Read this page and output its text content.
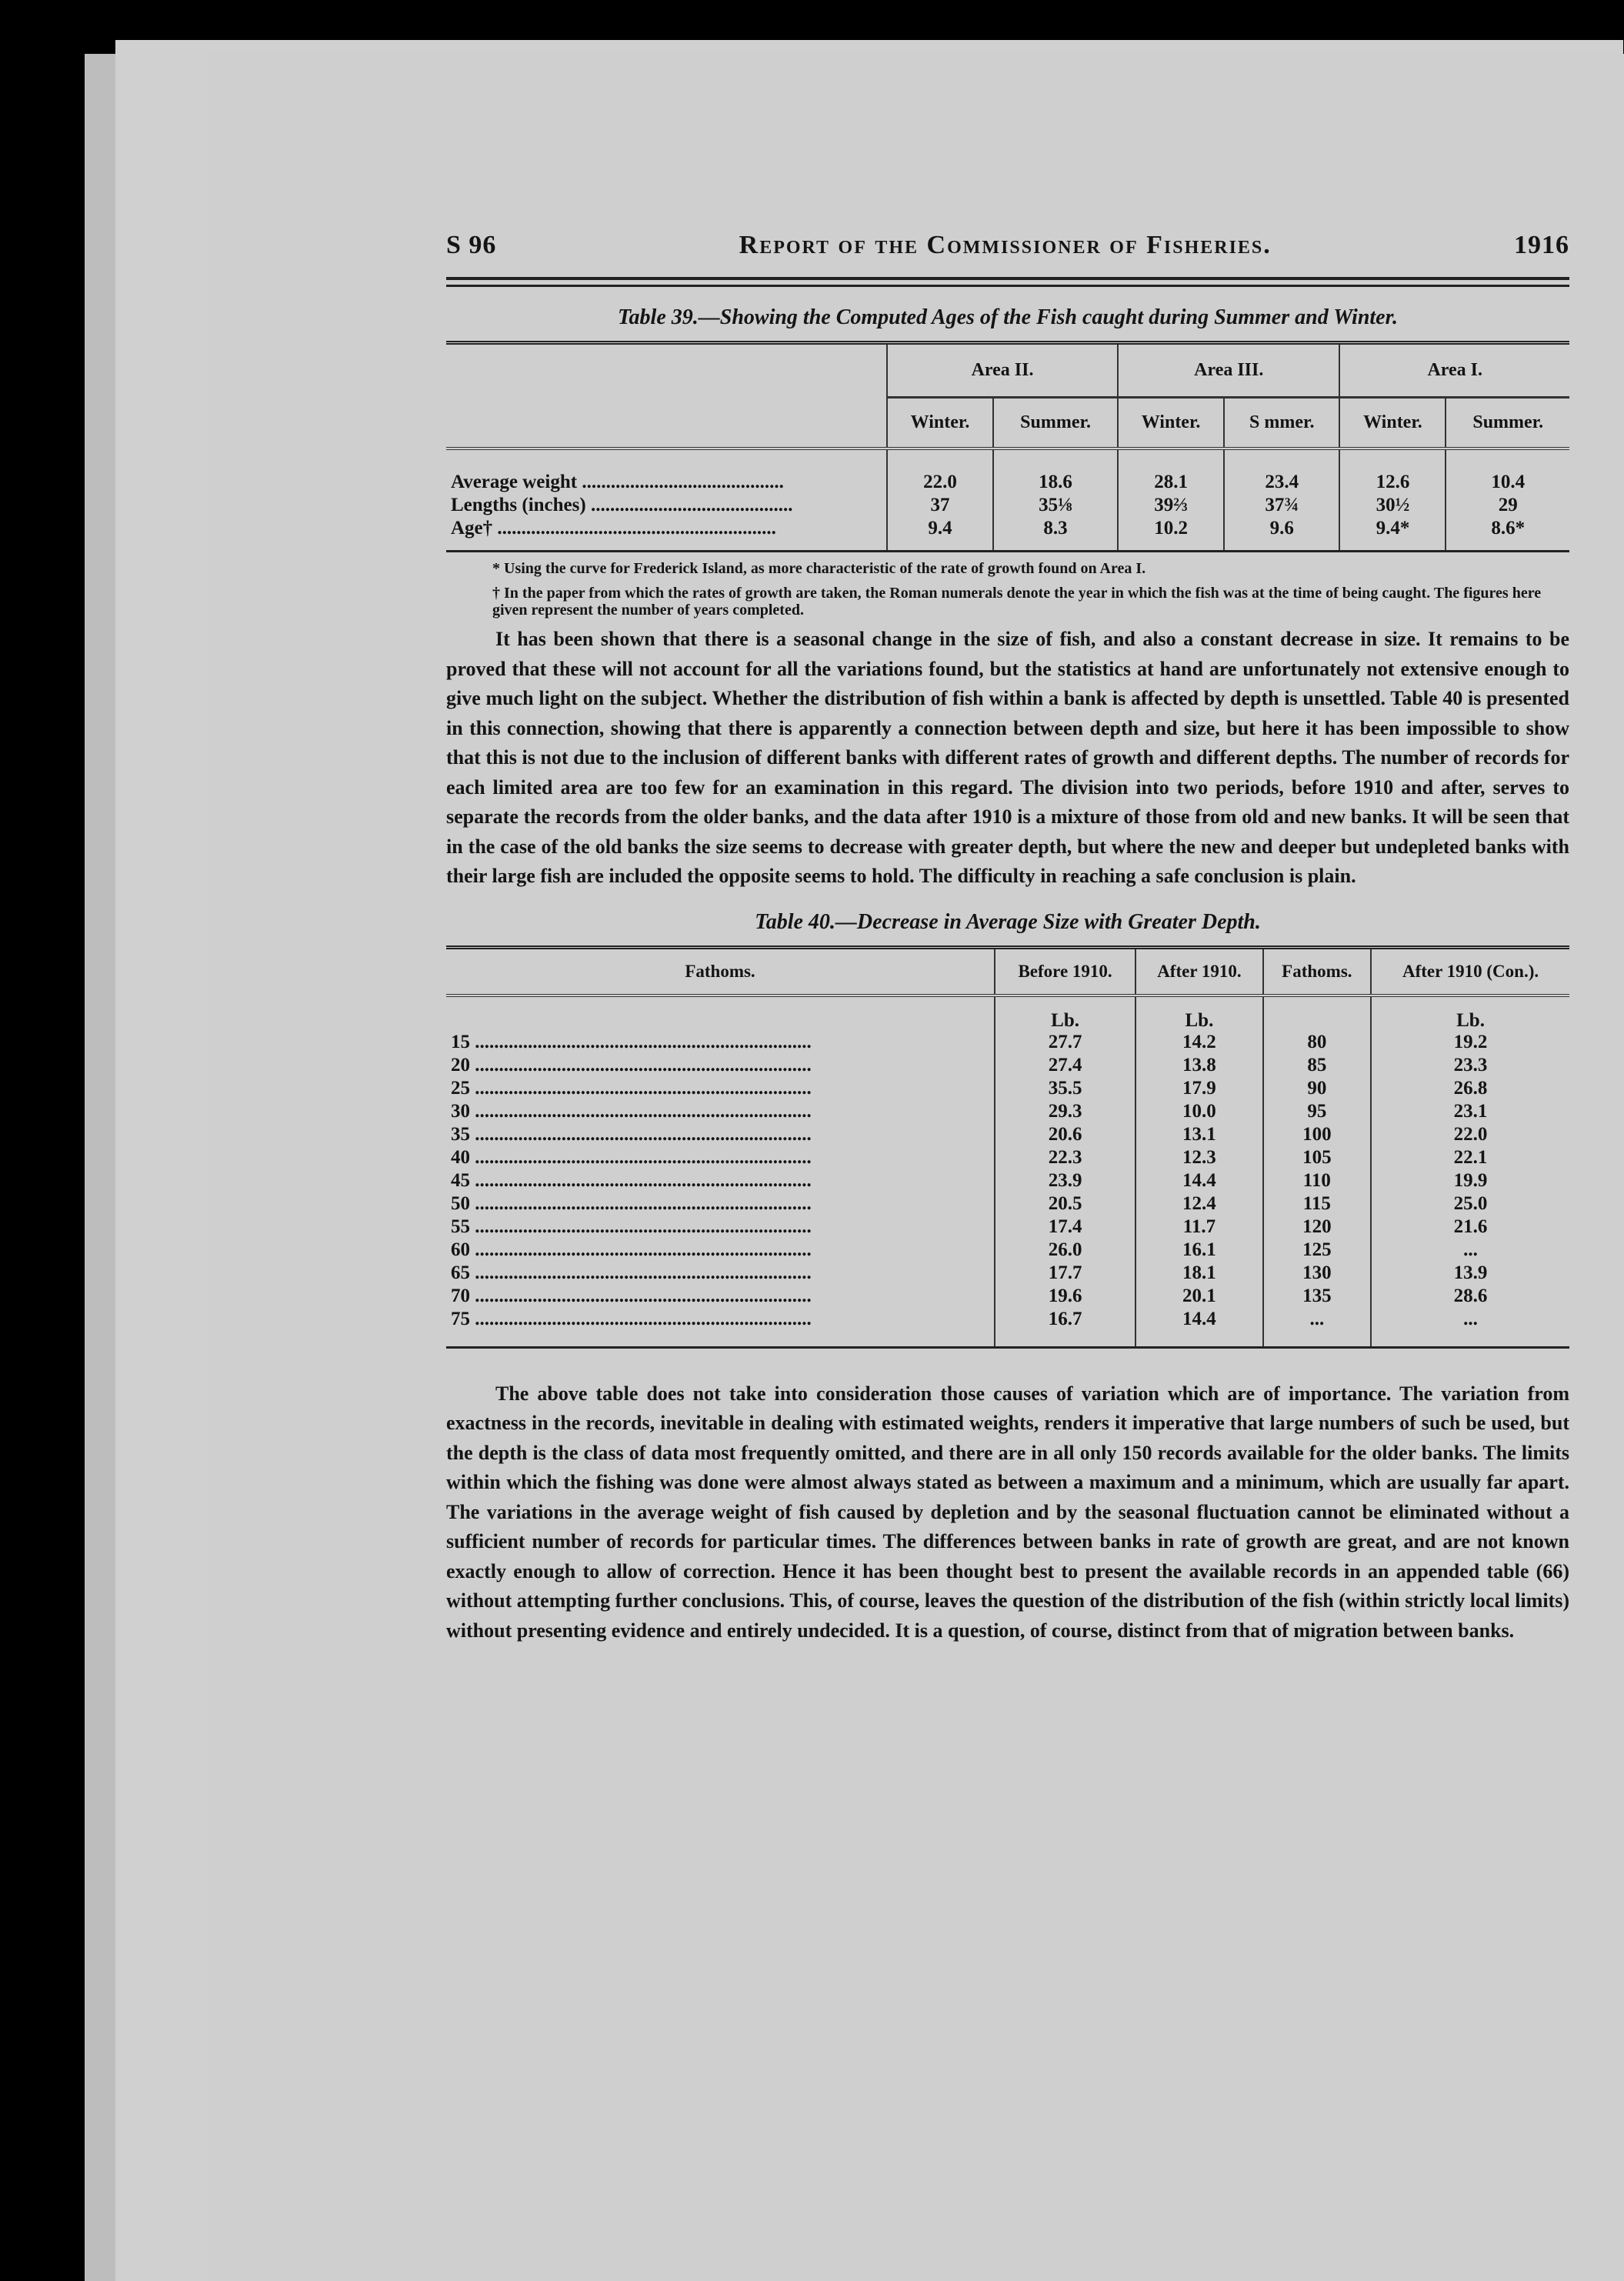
S 96	Report of the Commissioner of Fisheries.	1916
Table 39.—Showing the Computed Ages of the Fish caught during Summer and Winter.
	Area II.		Area III.		Area I.	
	Winter.	Summer.	Winter.	S mmer.	Winter.	Summer.
Average weight ..........................................	22.0	18.6	28.1	23.4	12.6	10.4
Lengths (inches) ..........................................	37	35⅛	39⅔	37¾	30½	29
Age† ..........................................................	9.4	8.3	10.2	9.6	9.4*	8.6*
* Using the curve for Frederick Island, as more characteristic of the rate of growth found on Area I.
† In the paper from which the rates of growth are taken, the Roman numerals denote the year in which the fish was at the time of being caught. The figures here given represent the number of years completed.

It has been shown that there is a seasonal change in the size of fish, and also a constant decrease in size. It remains to be proved that these will not account for all the variations found, but the statistics at hand are unfortunately not extensive enough to give much light on the subject. Whether the distribution of fish within a bank is affected by depth is unsettled. Table 40 is presented in this connection, showing that there is apparently a connection between depth and size, but here it has been impossible to show that this is not due to the inclusion of different banks with different rates of growth and different depths. The number of records for each limited area are too few for an examination in this regard. The division into two periods, before 1910 and after, serves to separate the records from the older banks, and the data after 1910 is a mixture of those from old and new banks. It will be seen that in the case of the old banks the size seems to decrease with greater depth, but where the new and deeper but undepleted banks with their large fish are included the opposite seems to hold. The difficulty in reaching a safe conclusion is plain.

Table 40.—Decrease in Average Size with Greater Depth.
Fathoms.	Before 1910.	After 1910.	Fathoms.	After 1910 (Con.).
	Lb.	Lb.		Lb.
15 ......................................................................	27.7	14.2	80	19.2
20 ......................................................................	27.4	13.8	85	23.3
25 ......................................................................	35.5	17.9	90	26.8
30 ......................................................................	29.3	10.0	95	23.1
35 ......................................................................	20.6	13.1	100	22.0
40 ......................................................................	22.3	12.3	105	22.1
45 ......................................................................	23.9	14.4	110	19.9
50 ......................................................................	20.5	12.4	115	25.0
55 ......................................................................	17.4	11.7	120	21.6
60 ......................................................................	26.0	16.1	125	...
65 ......................................................................	17.7	18.1	130	13.9
70 ......................................................................	19.6	20.1	135	28.6
75 ......................................................................	16.7	14.4	...	...

The above table does not take into consideration those causes of variation which are of importance. The variation from exactness in the records, inevitable in dealing with estimated weights, renders it imperative that large numbers of such be used, but the depth is the class of data most frequently omitted, and there are in all only 150 records available for the older banks. The limits within which the fishing was done were almost always stated as between a maximum and a minimum, which are usually far apart. The variations in the average weight of fish caused by depletion and by the seasonal fluctuation cannot be eliminated without a sufficient number of records for particular times. The differences between banks in rate of growth are great, and are not known exactly enough to allow of correction. Hence it has been thought best to present the available records in an appended table (66) without attempting further conclusions. This, of course, leaves the question of the distribution of the fish (within strictly local limits) without presenting evidence and entirely undecided. It is a question, of course, distinct from that of migration between banks.
